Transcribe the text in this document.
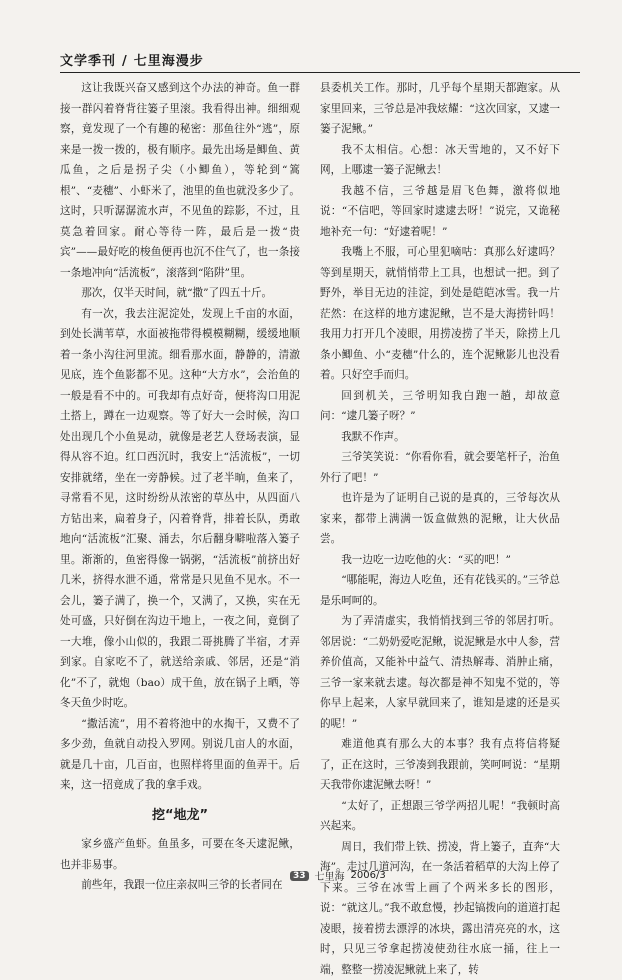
文学季刊 / 七里海漫步

这让我既兴奋又感到这个办法的神奇。鱼一群接一群闪着脊背往篓子里滚。我看得出神。细细观察，竟发现了一个有趣的秘密：那鱼往外“逃”，原来是一拨一拨的，极有顺序。最先出场是鲫鱼、黄瓜鱼，之后是拐子尖（小鲫鱼），等轮到“篙根”、“麦穗”、小虾米了，池里的鱼也就没多少了。这时，只听潺潺流水声，不见鱼的踪影，不过，且莫急着回家。耐心等待一阵，最后是一拨“贵宾”——最好吃的梭鱼便再也沉不住气了，也一条接一条地冲向“活流板”，滚落到“陷阱”里。

那次，仅半天时间，就“撒”了四五十斤。

有一次，我去注泥淀处，发现上千亩的水面，到处长满苇草，水面被拖带得模模糊糊，缓缓地顺着一条小沟往河里流。细看那水面，静静的，清澈见底，连个鱼影都不见。这种“大方水”，会治鱼的一般是看不中的。可我却有点好奇，便将沟口用泥土搭上，蹲在一边观察。等了好大一会时候，沟口处出现几个小鱼晃动，就像是老艺人登场表演，显得从容不迫。红口西沉时，我安上“活流板”，一切安排就绪，坐在一旁静候。过了老半晌，鱼来了，寻常看不见，这时纷纷从浓密的草丛中，从四面八方钻出来，扁着身子，闪着脊背，排着长队，勇敢地向“活流板”汇聚、涌去，尔后翻身噼啦落入篓子里。渐渐的，鱼密得像一锅粥，“活流板”前挤出好几米，挤得水泄不通，常常是只见鱼不见水。不一会儿，篓子满了，换一个，又满了，又换，实在无处可盛，只好倒在沟边干地上，一夜之间，竟倒了一大堆，像小山似的，我跟二哥挑腾了半宿，才弄到家。自家吃不了，就送给亲戚、邻居，还是“消化”不了，就炮（bao）成干鱼，放在锅子上晒，等冬天鱼少时吃。

“撒活流”，用不着将池中的水掏干，又费不了多少劲，鱼就自动投入罗网。别说几亩人的水面，就是几十亩，几百亩，也照样将里面的鱼弄干。后来，这一招竟成了我的拿手戏。

挖“地龙”

家乡盛产鱼虾。鱼虽多，可要在冬天逮泥鳅，也并非易事。

前些年，我跟一位庄亲叔叫三爷的长者同在

县委机关工作。那时，几乎每个星期天都跑家。从家里回来，三爷总是冲我炫耀：“这次回家，又逮一篓子泥鳅。”

我不太相信。心想：冰天雪地的，又不好下网，上哪逮一篓子泥鳅去！

我越不信，三爷越是眉飞色舞，激将似地说：“不信吧，等回家时逮逮去呀！”说完，又诡秘地补充一句：“好逮着呢！”

我嘴上不服，可心里犯嘀咕：真那么好逮吗？等到星期天，就悄悄带上工具，也想试一把。到了野外，举目无边的洼淀，到处是皑皑冰雪。我一片茫然：在这样的地方逮泥鳅，岂不是大海捞针吗！我用力打开几个凌眼，用捞凌捞了半天，除捞上几条小鲫鱼、小“麦穗”什么的，连个泥鳅影儿也没看着。只好空手而归。

回到机关，三爷明知我白跑一趟，却故意问：“逮几篓子呀？”

我默不作声。

三爷笑笑说：“你看你看，就会要笔杆子，治鱼外行了吧！”

也许是为了证明自己说的是真的，三爷每次从家来，都带上满满一饭盒做熟的泥鳅，让大伙品尝。

我一边吃一边吃他的火：“买的吧！”

“哪能呢，海边人吃鱼，还有花钱买的。”三爷总是乐呵呵的。

为了弄清虚实，我悄悄找到三爷的邻居打听。邻居说：“二奶奶爱吃泥鳅，说泥鳅是水中人参，营养价值高，又能补中益气、清热解毒、消肿止痛，三爷一家来就去逮。每次都是神不知鬼不觉的，等你早上起来，人家早就回来了，谁知是逮的还是买的呢！”

难道他真有那么大的本事？我有点将信将疑了，正在这时，三爷凑到我跟前，笑呵呵说：“星期天我带你逮泥鳅去呀！”

“太好了，正想跟三爷学两招儿呢！”我顿时高兴起来。

周日，我们带上铁、捞凌，背上篓子，直奔“大海”。走过几道河沟，在一条活着稻草的大沟上停了下来。三爷在冰雪上画了个两米多长的图形，说：“就这儿。”我不敢怠慢，抄起镐拨向的道道打起凌眼，接着捞去漂浮的冰块，露出清亮亮的水，这时，只见三爷拿起捞凌使劲往水底一捅，往上一端，整整一捞凌泥鳅就上来了，转

33 七里海 2006/3
